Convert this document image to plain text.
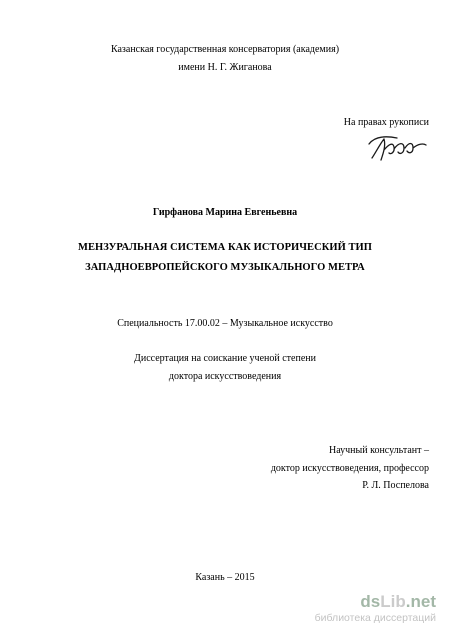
Казанская государственная консерватория (академия)
имени Н. Г. Жиганова
На правах рукописи
Гирфанова Марина Евгеньевна
МЕНЗУРАЛЬНАЯ СИСТЕМА КАК ИСТОРИЧЕСКИЙ ТИП
ЗАПАДНОЕВРОПЕЙСКОГО МУЗЫКАЛЬНОГО МЕТРА
Специальность 17.00.02 – Музыкальное искусство
Диссертация на соискание ученой степени
доктора искусствоведения
Научный консультант –
доктор искусствоведения, профессор
Р. Л. Поспелова
Казань – 2015
dsLib.net
библиотека диссертаций
